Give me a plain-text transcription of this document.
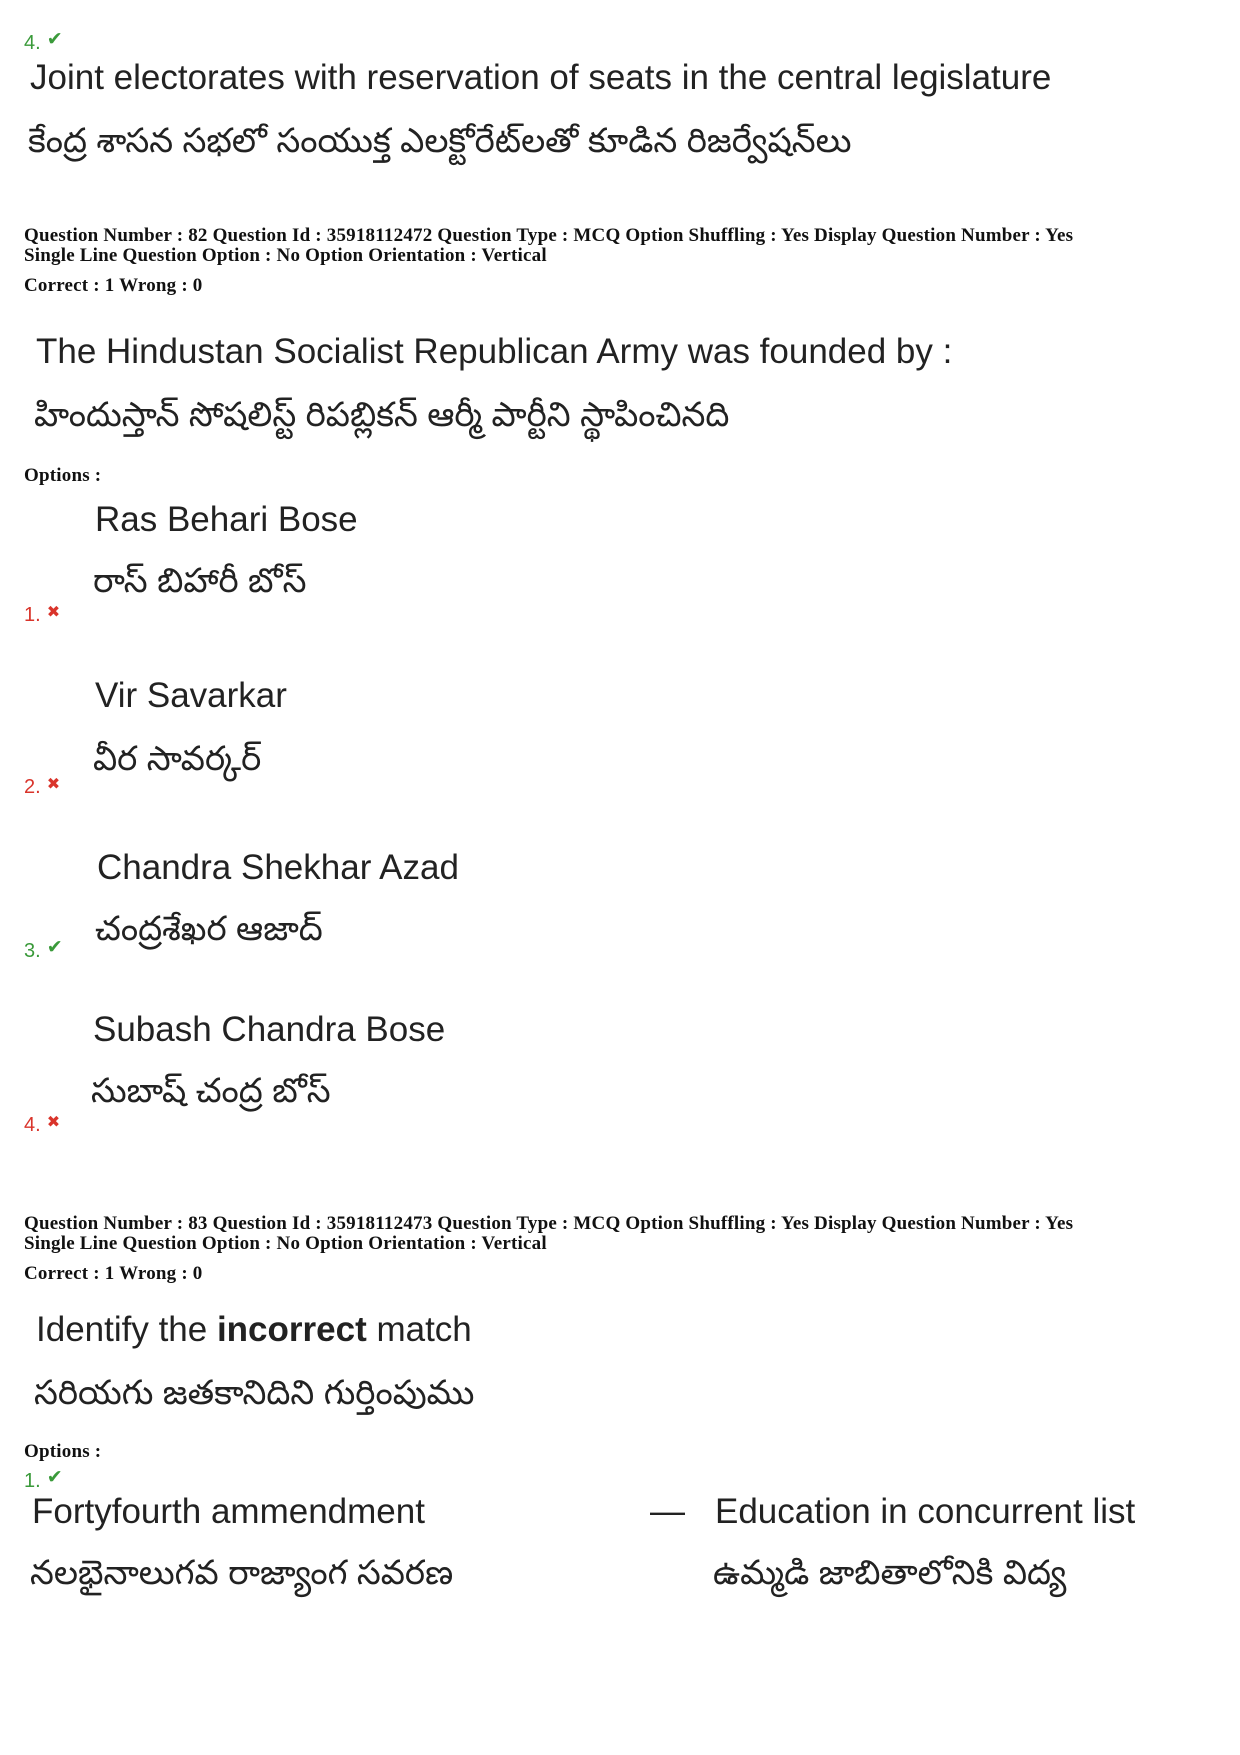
4. ✔
Joint electorates with reservation of seats in the central legislature
కేంద్ర శాసన సభలో సంయుక్త ఎలక్టోరేట్‌లతో కూడిన రిజర్వేషన్‌లు
Question Number : 82 Question Id : 35918112472 Question Type : MCQ Option Shuffling : Yes Display Question Number : Yes
Single Line Question Option : No Option Orientation : Vertical
Correct : 1 Wrong : 0
The Hindustan Socialist Republican Army was founded by :
హిందుస్తాన్ సోషలిస్ట్ రిపబ్లికన్ ఆర్మీ పార్టీని స్థాపించినది
Options :
Ras Behari Bose
రాస్ బిహారీ బోస్
1. ✖
Vir Savarkar
వీర సావర్కర్
2. ✖
Chandra Shekhar Azad
చంద్రశేఖర ఆజాద్
3. ✔
Subash Chandra Bose
సుబాష్ చంద్ర బోస్
4. ✖
Question Number : 83 Question Id : 35918112473 Question Type : MCQ Option Shuffling : Yes Display Question Number : Yes
Single Line Question Option : No Option Orientation : Vertical
Correct : 1 Wrong : 0
Identify the incorrect match
సరియగు జతకానిదిని గుర్తింపుము
Options :
1. ✔
Fortyfourth ammendment	— Education in concurrent list
నలభైనాలుగవ రాజ్యాంగ సవరణ	ఉమ్మడి జాబితాలోనికి విద్య
